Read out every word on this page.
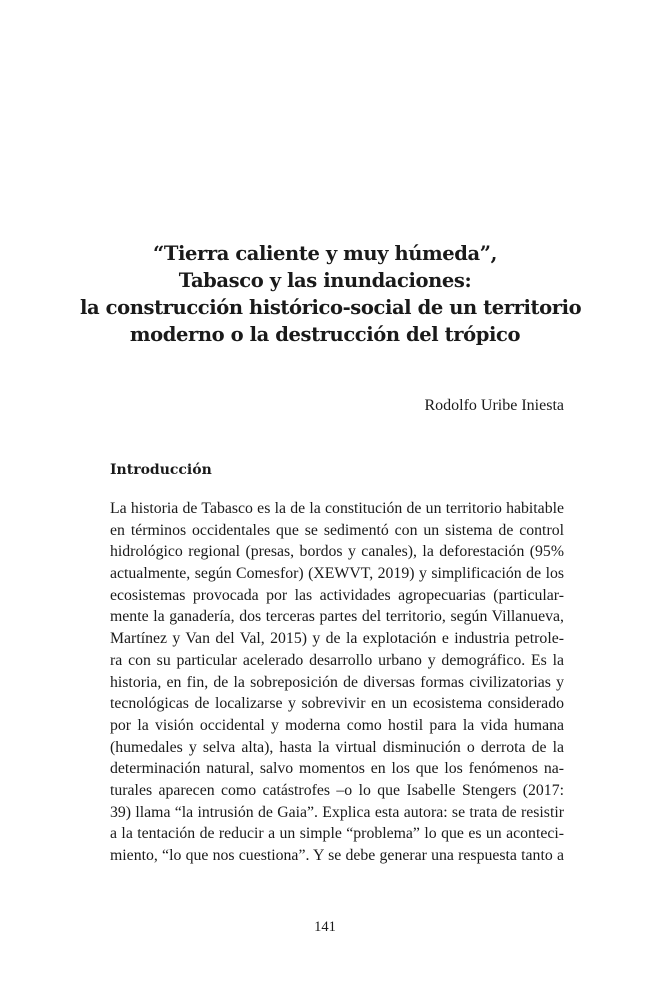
“Tierra caliente y muy húmeda”,
Tabasco y las inundaciones:
la construcción histórico-social de un territorio
moderno o la destrucción del trópico
Rodolfo Uribe Iniesta
Introducción
La historia de Tabasco es la de la constitución de un territorio habitable
en términos occidentales que se sedimentó con un sistema de control
hidrológico regional (presas, bordos y canales), la deforestación (95%
actualmente, según Comesfor) (XEWVT, 2019) y simplificación de los
ecosistemas provocada por las actividades agropecuarias (particular-
mente la ganadería, dos terceras partes del territorio, según Villanueva,
Martínez y Van del Val, 2015) y de la explotación e industria petrole-
ra con su particular acelerado desarrollo urbano y demográfico. Es la
historia, en fin, de la sobreposición de diversas formas civilizatorias y
tecnológicas de localizarse y sobrevivir en un ecosistema considerado
por la visión occidental y moderna como hostil para la vida humana
(humedales y selva alta), hasta la virtual disminución o derrota de la
determinación natural, salvo momentos en los que los fenómenos na-
turales aparecen como catástrofes –o lo que Isabelle Stengers (2017:
39) llama “la intrusión de Gaia”. Explica esta autora: se trata de resistir
a la tentación de reducir a un simple “problema” lo que es un aconteci-
miento, “lo que nos cuestiona”. Y se debe generar una respuesta tanto a
141
